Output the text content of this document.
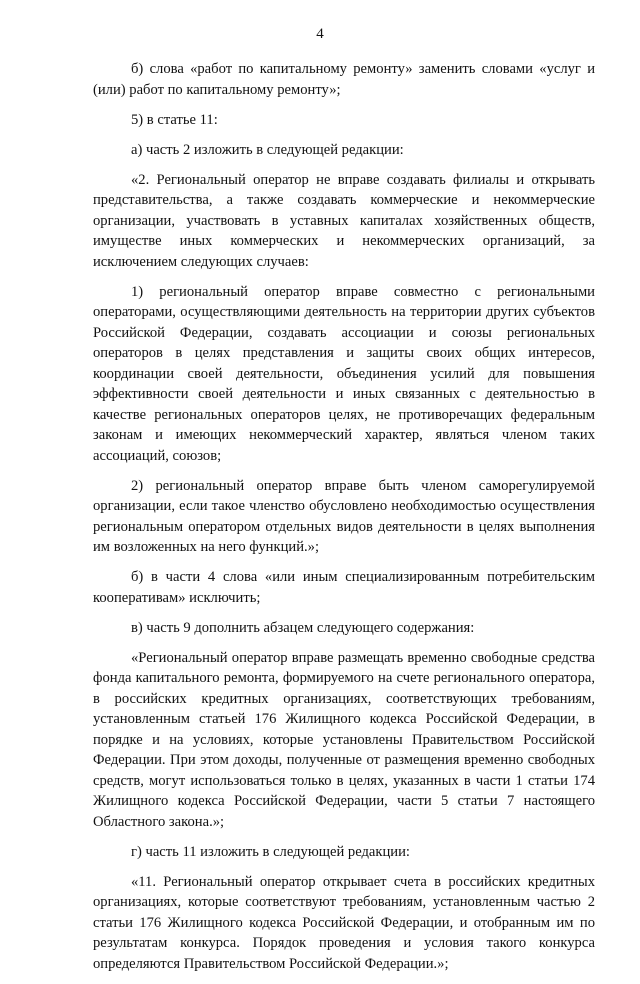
4

б) слова «работ по капитальному ремонту» заменить словами «услуг и (или) работ по капитальному ремонту»;

5) в статье 11:

а) часть 2 изложить в следующей редакции:

«2. Региональный оператор не вправе создавать филиалы и открывать представительства, а также создавать коммерческие и некоммерческие организации, участвовать в уставных капиталах хозяйственных обществ, имуществе иных коммерческих и некоммерческих организаций, за исключением следующих случаев:

1) региональный оператор вправе совместно с региональными операторами, осуществляющими деятельность на территории других субъектов Российской Федерации, создавать ассоциации и союзы региональных операторов в целях представления и защиты своих общих интересов, координации своей деятельности, объединения усилий для повышения эффективности своей деятельности и иных связанных с деятельностью в качестве региональных операторов целях, не противоречащих федеральным законам и имеющих некоммерческий характер, являться членом таких ассоциаций, союзов;

2) региональный оператор вправе быть членом саморегулируемой организации, если такое членство обусловлено необходимостью осуществления региональным оператором отдельных видов деятельности в целях выполнения им возложенных на него функций.»;

б) в части 4 слова «или иным специализированным потребительским кооперативам» исключить;

в) часть 9 дополнить абзацем следующего содержания:

«Региональный оператор вправе размещать временно свободные средства фонда капитального ремонта, формируемого на счете регионального оператора, в российских кредитных организациях, соответствующих требованиям, установленным статьей 176 Жилищного кодекса Российской Федерации, в порядке и на условиях, которые установлены Правительством Российской Федерации. При этом доходы, полученные от размещения временно свободных средств, могут использоваться только в целях, указанных в части 1 статьи 174 Жилищного кодекса Российской Федерации, части 5 статьи 7 настоящего Областного закона.»;

г) часть 11 изложить в следующей редакции:

«11. Региональный оператор открывает счета в российских кредитных организациях, которые соответствуют требованиям, установленным частью 2 статьи 176 Жилищного кодекса Российской Федерации, и отобранным им по результатам конкурса. Порядок проведения и условия такого конкурса определяются Правительством Российской Федерации.»;
